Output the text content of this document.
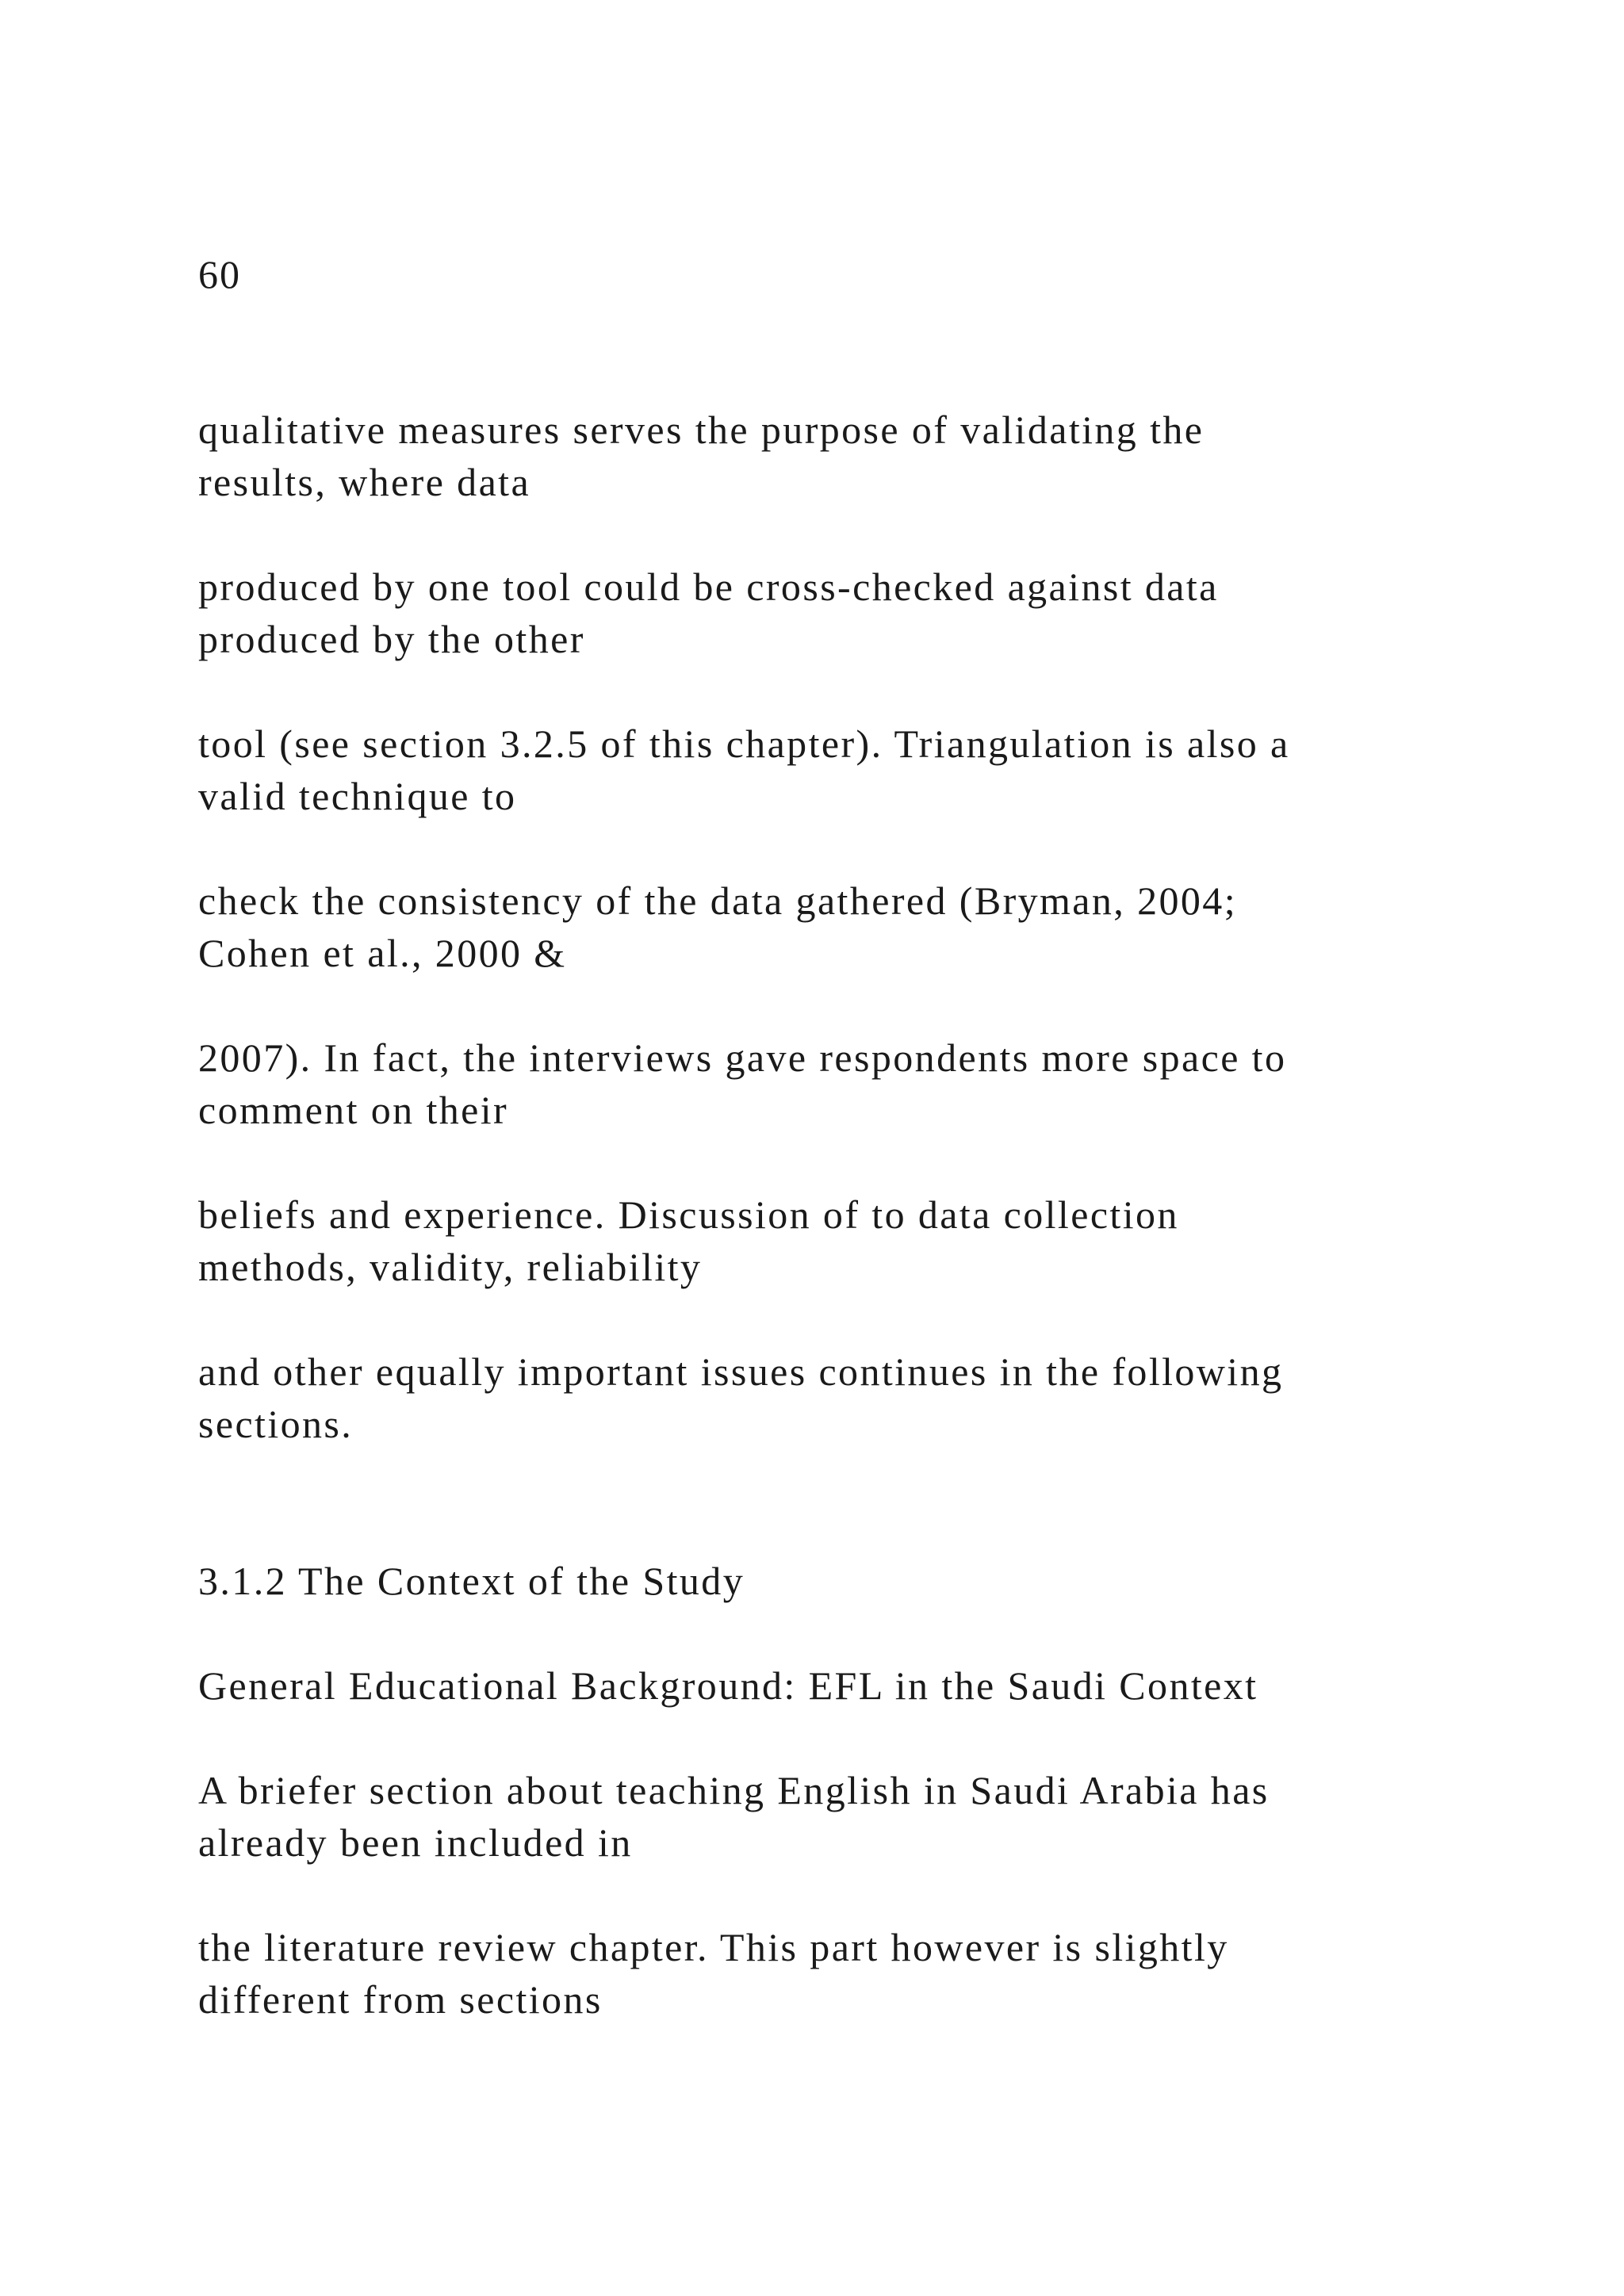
60

qualitative measures serves the purpose of validating the

results, where data

produced by one tool could be cross-checked against data

produced by the other

tool (see section 3.2.5 of this chapter). Triangulation is also a

valid technique to

check the consistency of the data gathered (Bryman, 2004;

Cohen et al., 2000 &

2007). In fact, the interviews gave respondents more space to

comment on their

beliefs and experience. Discussion of to data collection

methods, validity, reliability

and other equally important issues continues in the following

sections.

3.1.2 The Context of the Study

General Educational Background: EFL in the Saudi Context

A briefer section about teaching English in Saudi Arabia has

already been included in

the literature review chapter. This part however is slightly

different from sections
